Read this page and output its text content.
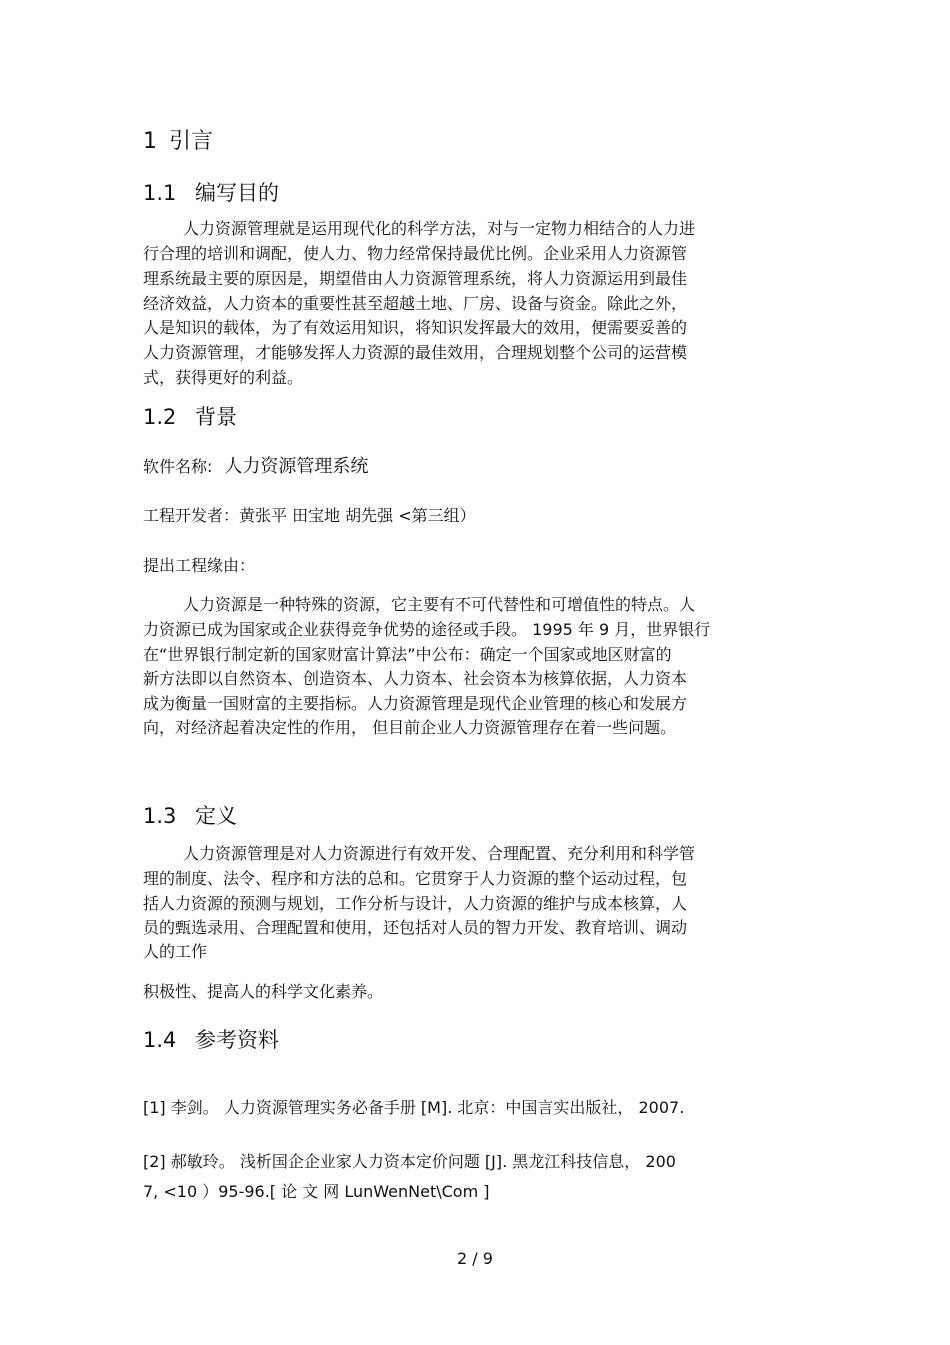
1 引言
1.1 编写目的
人力资源管理就是运用现代化的科学方法，对与一定物力相结合的人力进
行合理的培训和调配，使人力、物力经常保持最优比例。企业采用人力资源管
理系统最主要的原因是，期望借由人力资源管理系统，将人力资源运用到最佳
经济效益，人力资本的重要性甚至超越土地、厂房、设备与资金。除此之外，
人是知识的载体，为了有效运用知识，将知识发挥最大的效用，便需要妥善的
人力资源管理，才能够发挥人力资源的最佳效用，合理规划整个公司的运营模
式，获得更好的利益。
1.2 背景
软件名称: 人力资源管理系统
工程开发者：黄张平 田宝地 胡先强 <第三组）
提出工程缘由：
人力资源是一种特殊的资源，它主要有不可代替性和可增值性的特点。人
力资源已成为国家或企业获得竞争优势的途径或手段。 1995 年 9 月，世界银行
在“世界银行制定新的国家财富计算法”中公布：确定一个国家或地区财富的
新方法即以自然资本、创造资本、人力资本、社会资本为核算依据，人力资本
成为衡量一国财富的主要指标。人力资源管理是现代企业管理的核心和发展方
向，对经济起着决定性的作用， 但目前企业人力资源管理存在着一些问题。
1.3 定义
人力资源管理是对人力资源进行有效开发、合理配置、充分利用和科学管
理的制度、法令、程序和方法的总和。它贯穿于人力资源的整个运动过程，包
括人力资源的预测与规划，工作分析与设计，人力资源的维护与成本核算，人
员的甄选录用、合理配置和使用，还包括对人员的智力开发、教育培训、调动
人的工作
积极性、提高人的科学文化素养。
1.4 参考资料
[1] 李剑。 人力资源管理实务必备手册 [M]. 北京：中国言实出版社， 2007.
[2] 郝敏玲。 浅析国企企业家人力资本定价问题 [J]. 黑龙江科技信息， 200
7, <10 ）95-96.[ 论 文 网 LunWenNet\Com ]
2 / 9
